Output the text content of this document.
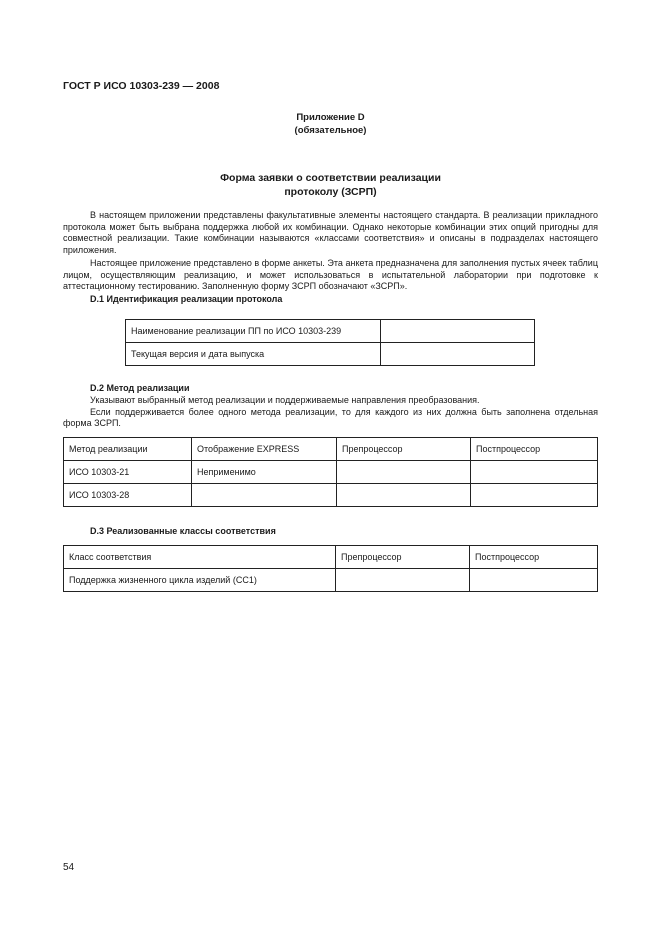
ГОСТ Р ИСО 10303-239 — 2008
Приложение D
(обязательное)
Форма заявки о соответствии реализации
протоколу (ЗСРП)

В настоящем приложении представлены факультативные элементы настоящего стандарта. В реализации прикладного протокола может быть выбрана поддержка любой их комбинации. Однако некоторые комбинации этих опций пригодны для совместной реализации. Такие комбинации называются «классами соответствия» и описаны в подразделах настоящего приложения.

Настоящее приложение представлено в форме анкеты. Эта анкета предназначена для заполнения пустых ячеек таблиц лицом, осуществляющим реализацию, и может использоваться в испытательной лаборатории при подготовке к аттестационному тестированию. Заполненную форму ЗСРП обозначают «ЗСРП».

D.1 Идентификация реализации протокола
Наименование реализации ПП по ИСО 10303-239	
Текущая версия и дата выпуска	
D.2 Метод реализации

Указывают выбранный метод реализации и поддерживаемые направления преобразования.
Если поддерживается более одного метода реализации, то для каждого из них должна быть заполнена отдельная форма ЗСРП.

Метод реализации	Отображение EXPRESS	Препроцессор	Постпроцессор
ИСО 10303-21	Неприменимо		
ИСО 10303-28			
D.3 Реализованные классы соответствия
Класс соответствия	Препроцессор	Постпроцессор
Поддержка жизненного цикла изделий (CC1)		
54
